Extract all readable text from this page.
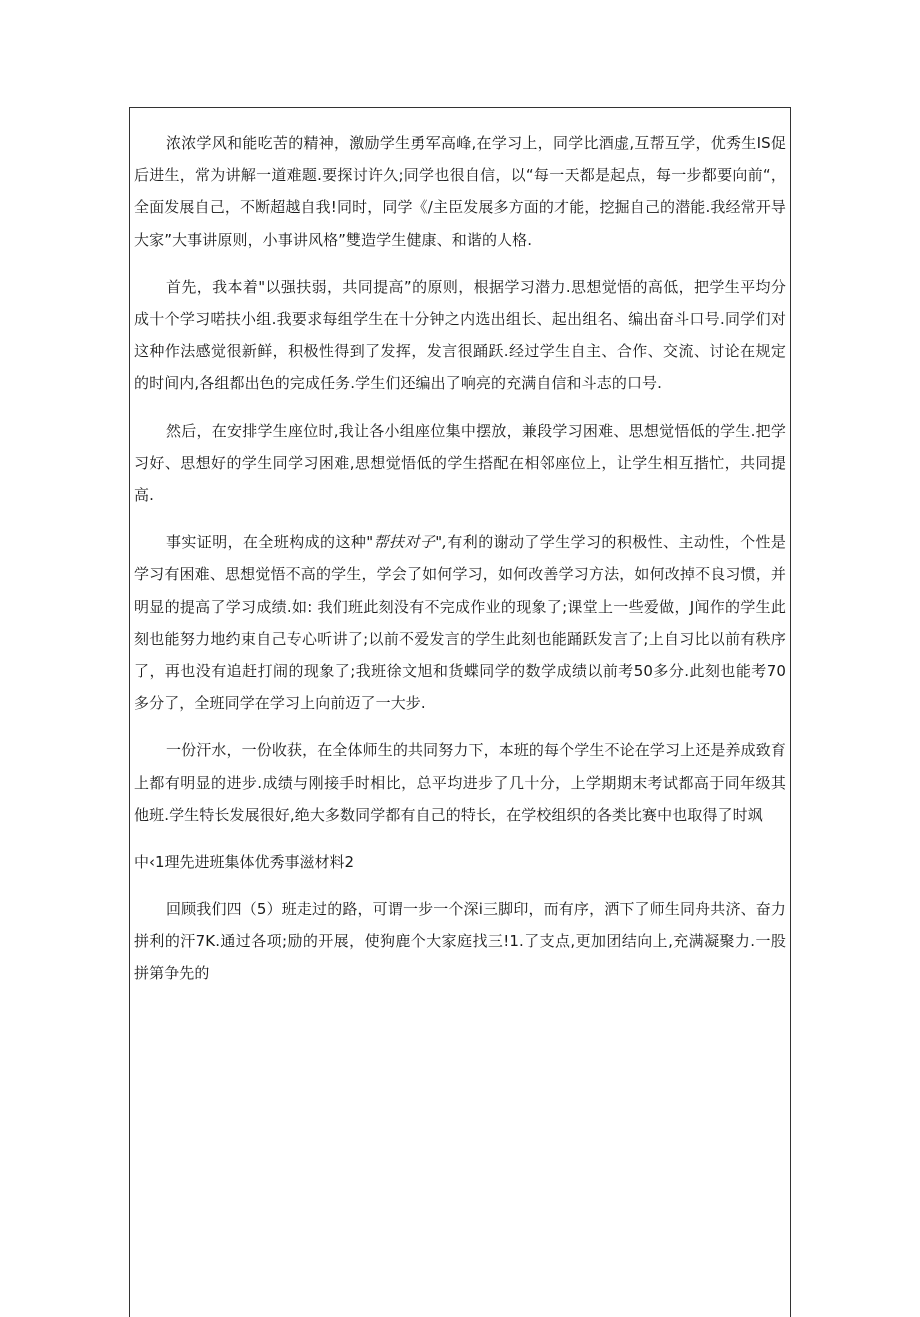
浓浓学风和能吃苦的精神，激励学生勇军高峰,在学习上，同学比酒虚,互帮互学，优秀生IS促后进生，常为讲解一道难题.要探讨许久;同学也很自信，以“每一天都是起点，每一步都要向前“，全面发展自己，不断超越自我!同时，同学《/主臣发展多方面的才能，挖掘自己的潜能.我经常开导大家”大事讲原则，小事讲风格”雙造学生健康、和谐的人格.

首先，我本着"以强扶弱，共同提高”的原则，根据学习潜力.思想觉悟的高低，把学生平均分成十个学习喏扶小组.我要求每组学生在十分钟之内选出组长、起出组名、编出奋斗口号.同学们对这种作法感觉很新鲜，积极性得到了发挥，发言很踊跃.经过学生自主、合作、交流、讨论在规定的时间内,各组都出色的完成任务.学生们还编出了响亮的充满自信和斗志的口号.

然后，在安排学生座位时,我让各小组座位集中摆放，兼段学习困难、思想觉悟低的学生.把学习好、思想好的学生同学习困难,思想觉悟低的学生搭配在相邻座位上，让学生相互揩忙，共同提高.

事实证明，在全班构成的这种"帮扶对子",有利的谢动了学生学习的积极性、主动性，个性是学习有困难、思想觉悟不高的学生，学会了如何学习，如何改善学习方法，如何改掉不良习惯，并明显的提高了学习成绩.如: 我们班此刻没有不完成作业的现象了;课堂上一些爱做，J闻作的学生此刻也能努力地约束自己专心听讲了;以前不爱发言的学生此刻也能踊跃发言了;上自习比以前有秩序了，再也没有追赶打闹的现象了;我班徐文旭和货蝶同学的数学成绩以前考50多分.此刻也能考70多分了，全班同学在学习上向前迈了一大步.

一份汗水，一份收获，在全体师生的共同努力下，本班的每个学生不论在学习上还是养成致育上都有明显的进步.成绩与刚接手时相比，总平均进步了几十分，上学期期末考试都高于同年级其他班.学生特长发展很好,绝大多数同学都有自己的特长，在学校组织的各类比赛中也取得了时飒

中‹1理先进班集体优秀事滋材料2

回顾我们四（5）班走过的路，可谓一步一个深i三脚印，而有序，洒下了师生同舟共济、奋力拼利的汗7K.通过各项;励的开展，使狗鹿个大家庭找三!1.了支点,更加团结向上,充满凝聚力.一股拼第争先的
